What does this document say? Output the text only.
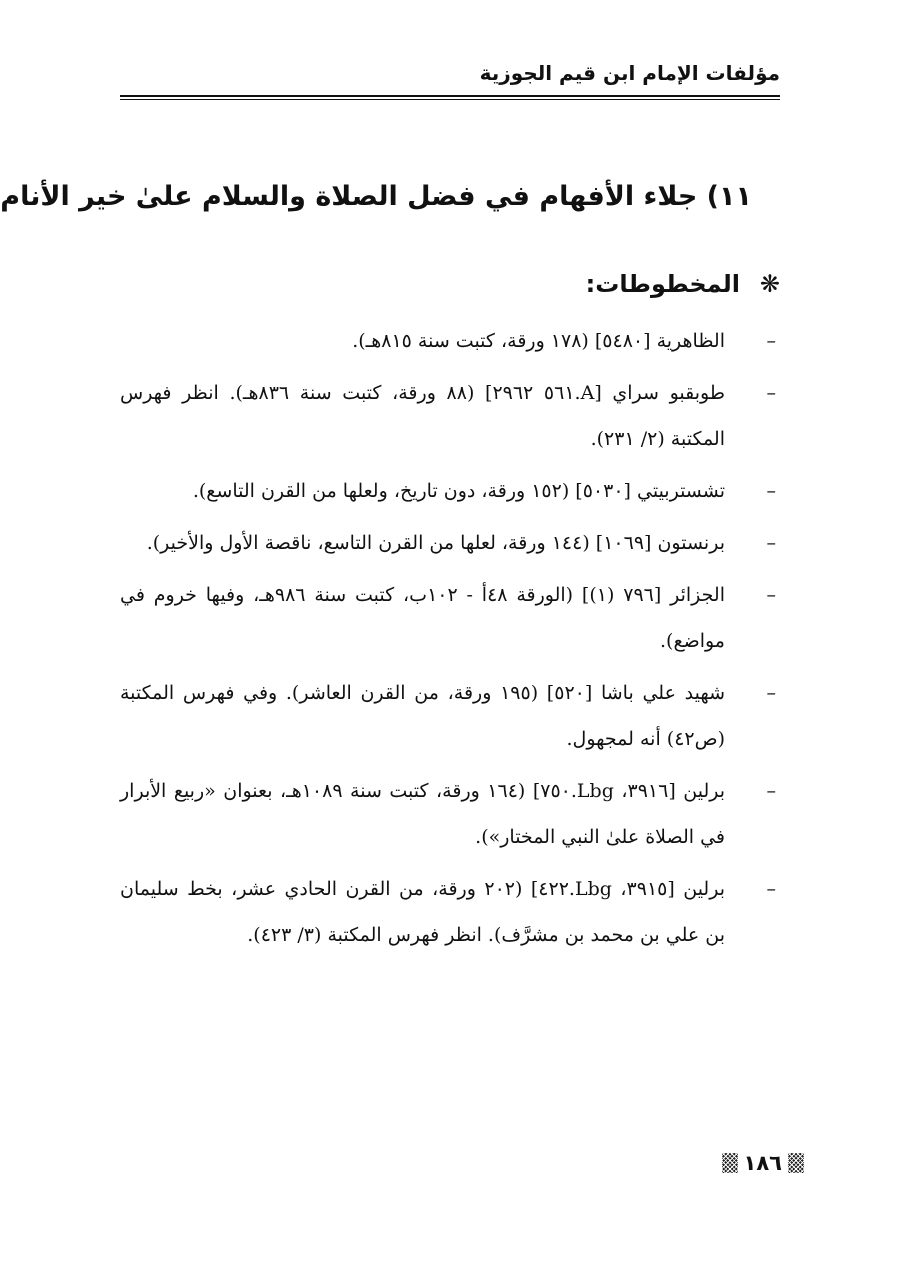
مؤلفات الإمام ابن قيم الجوزية
١١) جلاء الأفهام في فضل الصلاة والسلام علىٰ خير الأنام
❋المخطوطات:
–
الظاهرية [٥٤٨٠] (١٧٨ ورقة، كتبت سنة ٨١٥هـ).
–
طوبقبو سراي [A.٥٦١ ٢٩٦٢] (٨٨ ورقة، كتبت سنة ٨٣٦هـ). انظر فهرس المكتبة (٢/ ٢٣١).
–
تشستربيتي [٥٠٣٠] (١٥٢ ورقة، دون تاريخ، ولعلها من القرن التاسع).
–
برنستون [١٠٦٩] (١٤٤ ورقة، لعلها من القرن التاسع، ناقصة الأول والأخير).
–
الجزائر [٧٩٦ (١)] (الورقة ٤٨أ - ١٠٢ب، كتبت سنة ٩٨٦هـ، وفيها خروم في مواضع).
–
شهيد علي باشا [٥٢٠] (١٩٥ ورقة، من القرن العاشر). وفي فهرس المكتبة (ص٤٢) أنه لمجهول.
–
برلين [٣٩١٦، Lbg.٧٥٠] (١٦٤ ورقة، كتبت سنة ١٠٨٩هـ، بعنوان «ربيع الأبرار في الصلاة علىٰ النبي المختار»).
–
برلين [٣٩١٥، Lbg.٤٢٢] (٢٠٢ ورقة، من القرن الحادي عشر، بخط سليمان بن علي بن محمد بن مشرَّف). انظر فهرس المكتبة (٣/ ٤٢٣).
١٨٦
